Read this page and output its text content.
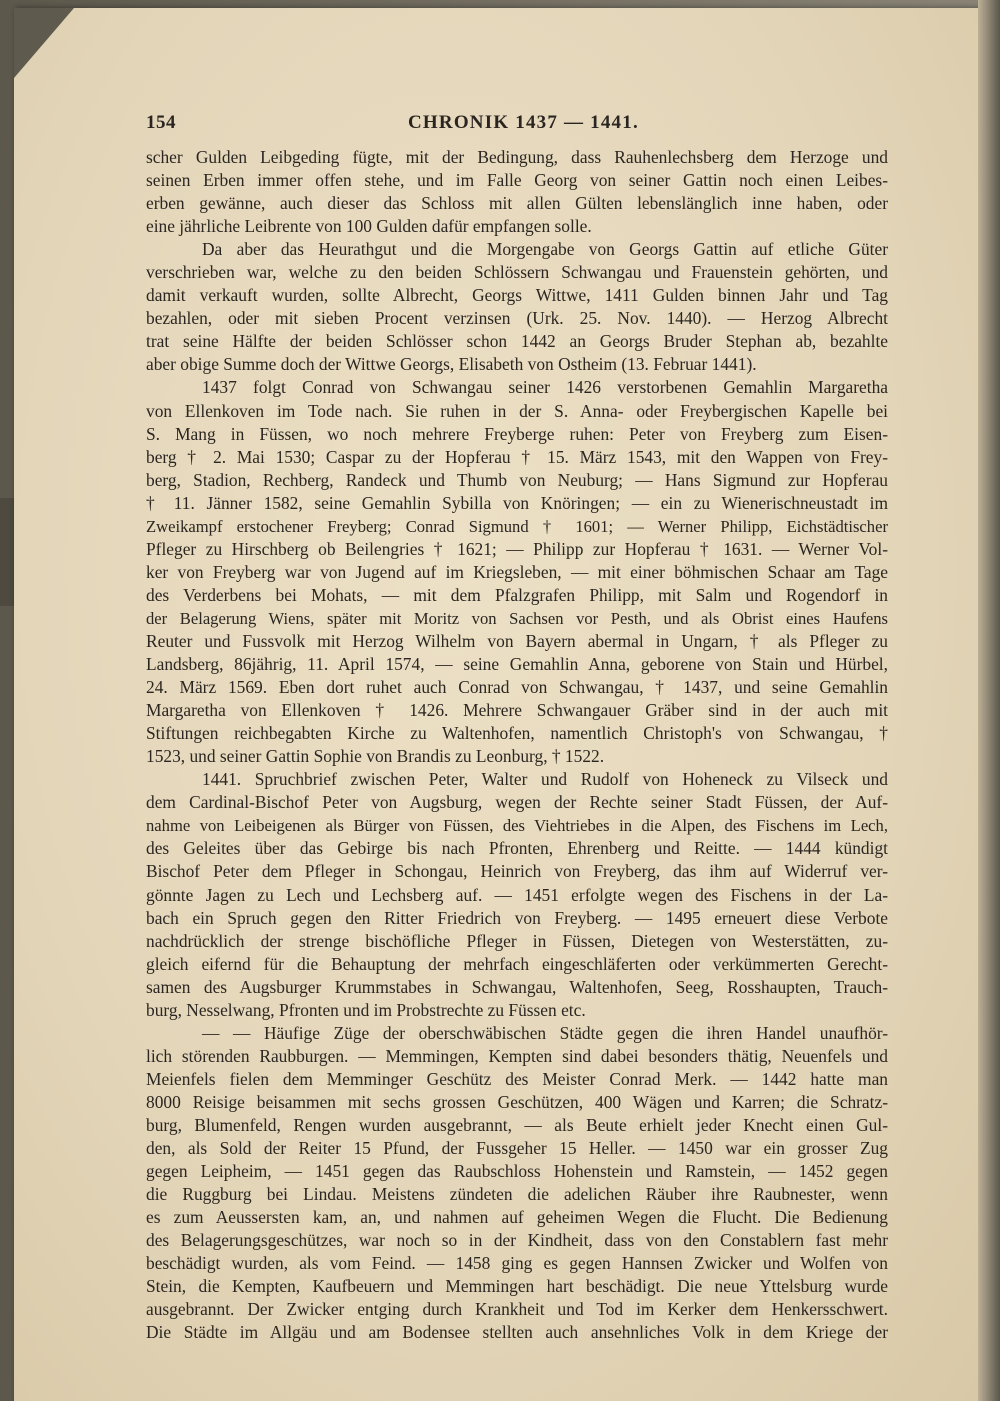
154	CHRONIK 1437 — 1441.
scher Gulden Leibgeding fügte, mit der Bedingung, dass Rauhenlechsberg dem Herzoge und
seinen Erben immer offen stehe, und im Falle Georg von seiner Gattin noch einen Leibes-
erben gewänne, auch dieser das Schloss mit allen Gülten lebenslänglich inne haben, oder
eine jährliche Leibrente von 100 Gulden dafür empfangen solle.
Da aber das Heurathgut und die Morgengabe von Georgs Gattin auf etliche Güter
verschrieben war, welche zu den beiden Schlössern Schwangau und Frauenstein gehörten, und
damit verkauft wurden, sollte Albrecht, Georgs Wittwe, 1411 Gulden binnen Jahr und Tag
bezahlen, oder mit sieben Procent verzinsen (Urk. 25. Nov. 1440). — Herzog Albrecht
trat seine Hälfte der beiden Schlösser schon 1442 an Georgs Bruder Stephan ab, bezahlte
aber obige Summe doch der Wittwe Georgs, Elisabeth von Ostheim (13. Februar 1441).
1437 folgt Conrad von Schwangau seiner 1426 verstorbenen Gemahlin Margaretha
von Ellenkoven im Tode nach. Sie ruhen in der S. Anna- oder Freybergischen Kapelle bei
S. Mang in Füssen, wo noch mehrere Freyberge ruhen: Peter von Freyberg zum Eisen-
berg † 2. Mai 1530; Caspar zu der Hopferau † 15. März 1543, mit den Wappen von Frey-
berg, Stadion, Rechberg, Randeck und Thumb von Neuburg; — Hans Sigmund zur Hopferau
† 11. Jänner 1582, seine Gemahlin Sybilla von Knöringen; — ein zu Wienerischneustadt im
Zweikampf erstochener Freyberg; Conrad Sigmund † 1601; — Werner Philipp, Eichstädtischer
Pfleger zu Hirschberg ob Beilengries † 1621; — Philipp zur Hopferau † 1631. — Werner Vol-
ker von Freyberg war von Jugend auf im Kriegsleben, — mit einer böhmischen Schaar am Tage
des Verderbens bei Mohats, — mit dem Pfalzgrafen Philipp, mit Salm und Rogendorf in
der Belagerung Wiens, später mit Moritz von Sachsen vor Pesth, und als Obrist eines Haufens
Reuter und Fussvolk mit Herzog Wilhelm von Bayern abermal in Ungarn, † als Pfleger zu
Landsberg, 86jährig, 11. April 1574, — seine Gemahlin Anna, geborene von Stain und Hürbel,
24. März 1569. Eben dort ruhet auch Conrad von Schwangau, † 1437, und seine Gemahlin
Margaretha von Ellenkoven † 1426. Mehrere Schwangauer Gräber sind in der auch mit
Stiftungen reichbegabten Kirche zu Waltenhofen, namentlich Christoph's von Schwangau, †
1523, und seiner Gattin Sophie von Brandis zu Leonburg, † 1522.
1441. Spruchbrief zwischen Peter, Walter und Rudolf von Hoheneck zu Vilseck und
dem Cardinal-Bischof Peter von Augsburg, wegen der Rechte seiner Stadt Füssen, der Auf-
nahme von Leibeigenen als Bürger von Füssen, des Viehtriebes in die Alpen, des Fischens im Lech,
des Geleites über das Gebirge bis nach Pfronten, Ehrenberg und Reitte. — 1444 kündigt
Bischof Peter dem Pfleger in Schongau, Heinrich von Freyberg, das ihm auf Widerruf ver-
gönnte Jagen zu Lech und Lechsberg auf. — 1451 erfolgte wegen des Fischens in der La-
bach ein Spruch gegen den Ritter Friedrich von Freyberg. — 1495 erneuert diese Verbote
nachdrücklich der strenge bischöfliche Pfleger in Füssen, Dietegen von Westerstätten, zu-
gleich eifernd für die Behauptung der mehrfach eingeschläferten oder verkümmerten Gerecht-
samen des Augsburger Krummstabes in Schwangau, Waltenhofen, Seeg, Rosshaupten, Trauch-
burg, Nesselwang, Pfronten und im Probstrechte zu Füssen etc.
— — Häufige Züge der oberschwäbischen Städte gegen die ihren Handel unaufhör-
lich störenden Raubburgen. — Memmingen, Kempten sind dabei besonders thätig, Neuenfels und
Meienfels fielen dem Memminger Geschütz des Meister Conrad Merk. — 1442 hatte man
8000 Reisige beisammen mit sechs grossen Geschützen, 400 Wägen und Karren; die Schratz-
burg, Blumenfeld, Rengen wurden ausgebrannt, — als Beute erhielt jeder Knecht einen Gul-
den, als Sold der Reiter 15 Pfund, der Fussgeher 15 Heller. — 1450 war ein grosser Zug
gegen Leipheim, — 1451 gegen das Raubschloss Hohenstein und Ramstein, — 1452 gegen
die Ruggburg bei Lindau. Meistens zündeten die adelichen Räuber ihre Raubnester, wenn
es zum Aeussersten kam, an, und nahmen auf geheimen Wegen die Flucht. Die Bedienung
des Belagerungsgeschützes, war noch so in der Kindheit, dass von den Constablern fast mehr
beschädigt wurden, als vom Feind. — 1458 ging es gegen Hannsen Zwicker und Wolfen von
Stein, die Kempten, Kaufbeuern und Memmingen hart beschädigt. Die neue Yttelsburg wurde
ausgebrannt. Der Zwicker entging durch Krankheit und Tod im Kerker dem Henkersschwert.
Die Städte im Allgäu und am Bodensee stellten auch ansehnliches Volk in dem Kriege der
